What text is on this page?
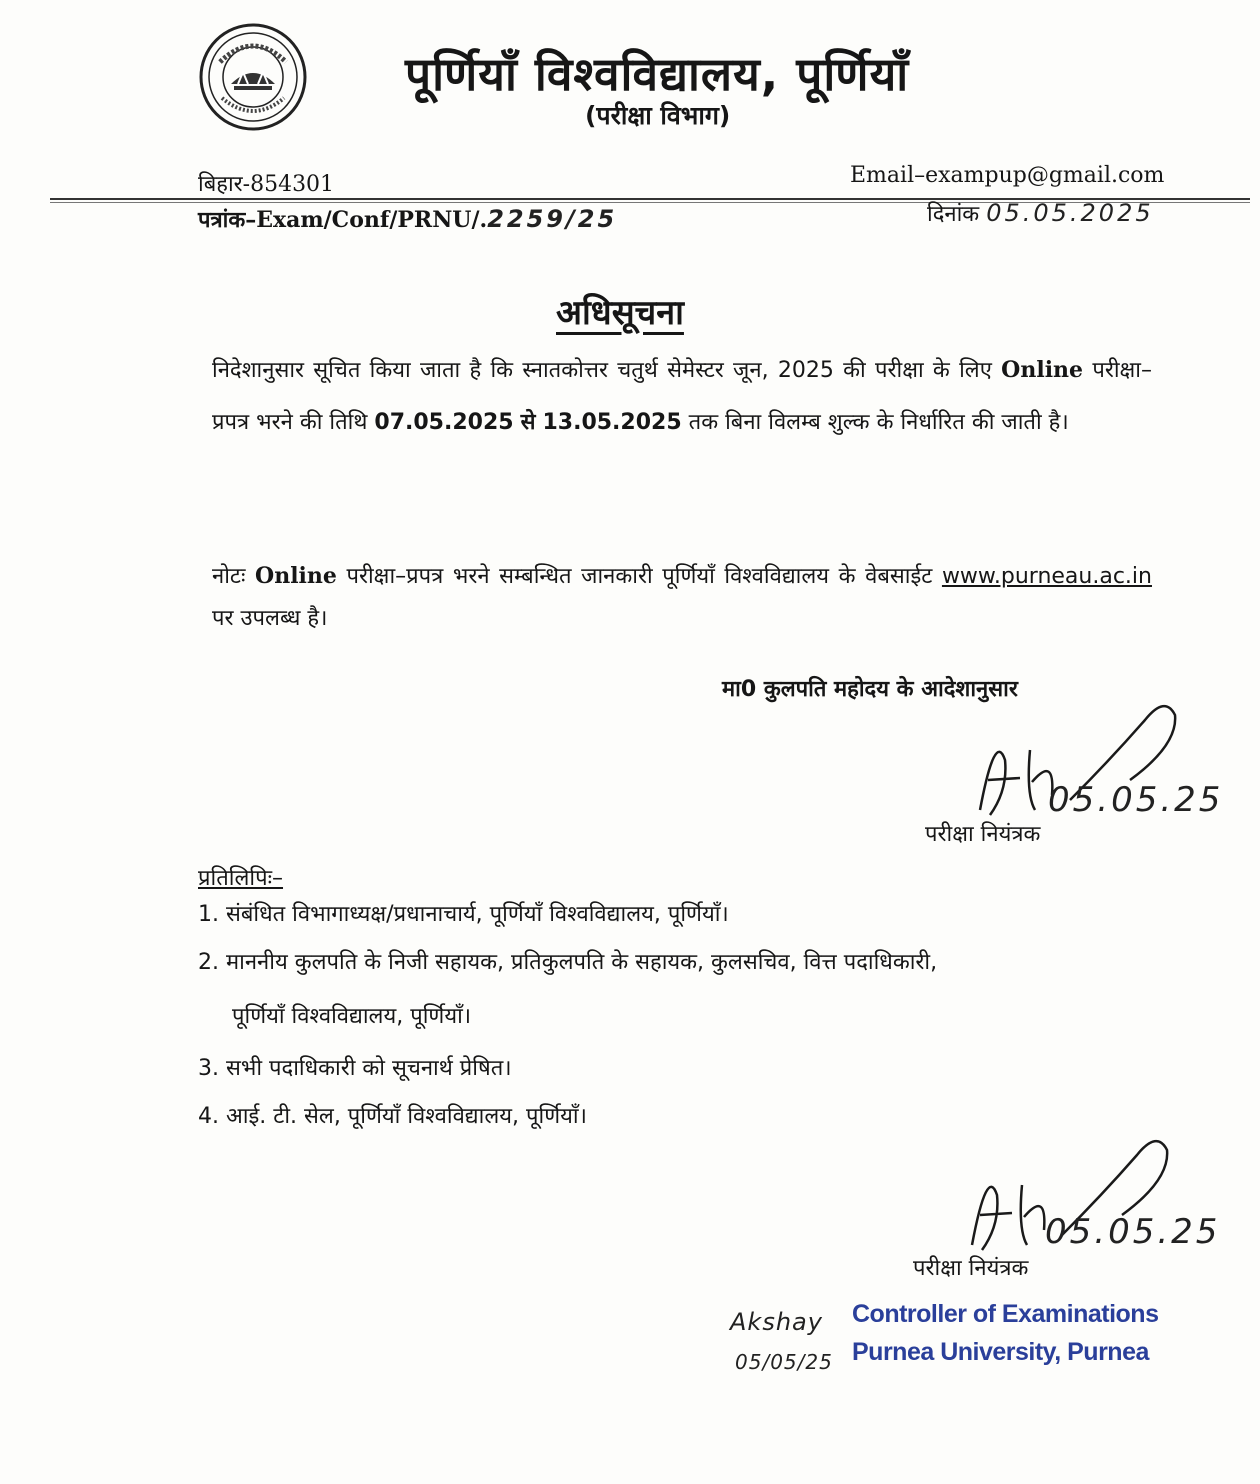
पूर्णियाँ विश्वविद्यालय, पूर्णियाँ
(परीक्षा विभाग)
बिहार-854301	Email–exampup@gmail.com
पत्रांक–Exam/Conf/PRNU/.2259/25	दिनांक 05.05.2025
अधिसूचना
निदेशानुसार सूचित किया जाता है कि स्नातकोत्तर चतुर्थ सेमेस्टर जून, 2025 की परीक्षा के लिए Online परीक्षा–प्रपत्र भरने की तिथि 07.05.2025 से 13.05.2025 तक बिना विलम्ब शुल्क के निर्धारित की जाती है।
नोटः Online परीक्षा–प्रपत्र भरने सम्बन्धित जानकारी पूर्णियाँ विश्वविद्यालय के वेबसाईट www.purneau.ac.in पर उपलब्ध है।
मा0 कुलपति महोदय के आदेशानुसार
05.05.25
परीक्षा नियंत्रक
प्रतिलिपिः–
1. संबंधित विभागाध्यक्ष/प्रधानाचार्य, पूर्णियाँ विश्वविद्यालय, पूर्णियाँ।
2. माननीय कुलपति के निजी सहायक, प्रतिकुलपति के सहायक, कुलसचिव, वित्त पदाधिकारी,
पूर्णियाँ विश्वविद्यालय, पूर्णियाँ।
3. सभी पदाधिकारी को सूचनार्थ प्रेषित।
4. आई. टी. सेल, पूर्णियाँ विश्वविद्यालय, पूर्णियाँ।
05.05.25
परीक्षा नियंत्रक
Controller of Examinations
Purnea University, Purnea
Akshay
05/05/25
